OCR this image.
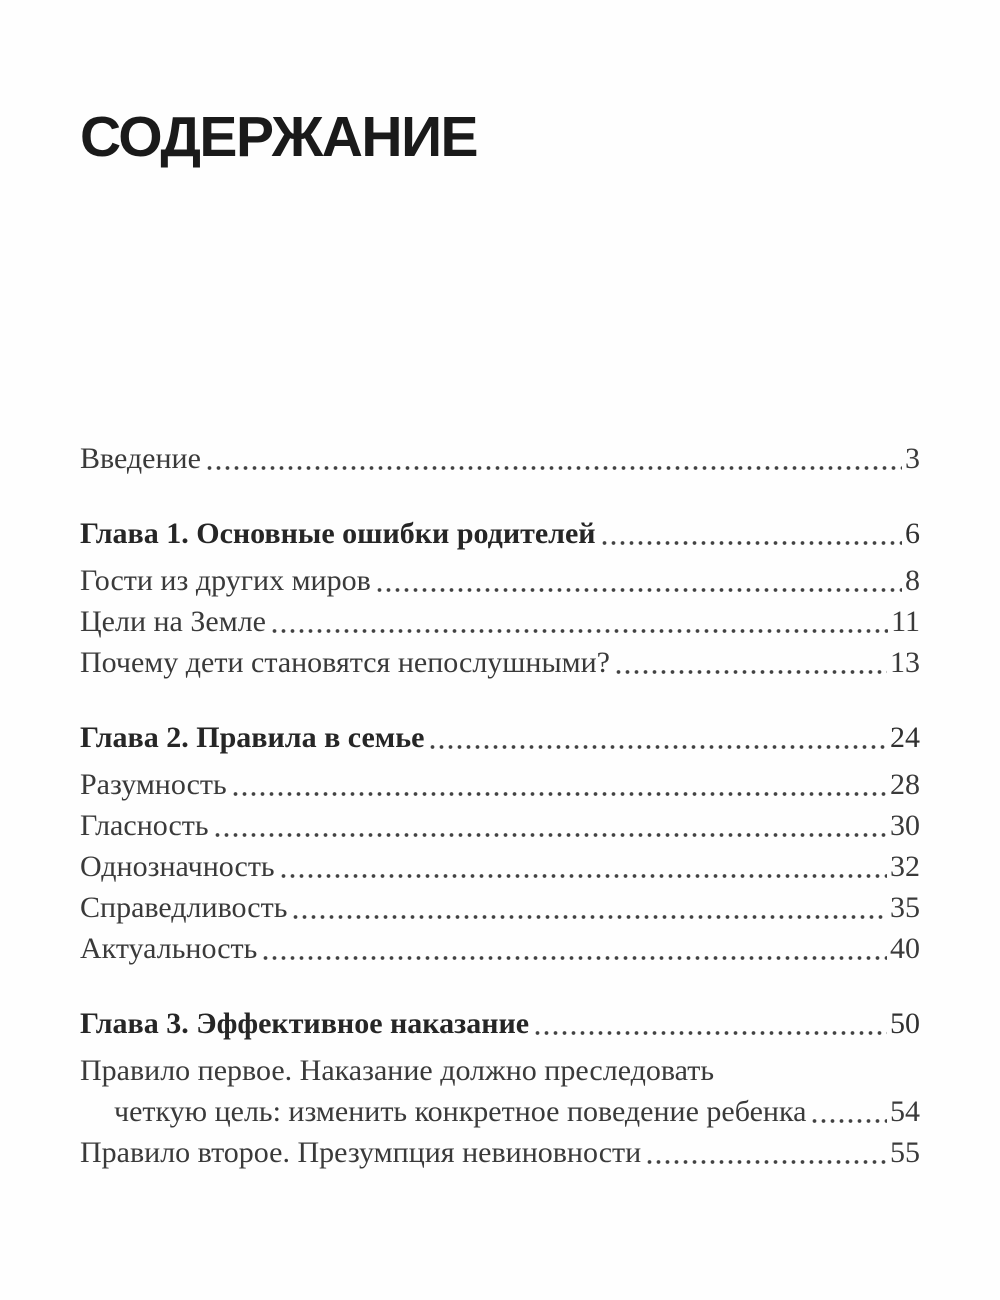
СОДЕРЖАНИЕ
Введение	3
Глава 1. Основные ошибки родителей	6
Гости из других миров	8
Цели на Земле	11
Почему дети становятся непослушными?	13
Глава 2. Правила в семье	24
Разумность	28
Гласность	30
Однозначность	32
Справедливость	35
Актуальность	40
Глава 3. Эффективное наказание	50
Правило первое. Наказание должно преследовать
четкую цель: изменить конкретное поведение ребенка	54
Правило второе. Презумпция невиновности	55
